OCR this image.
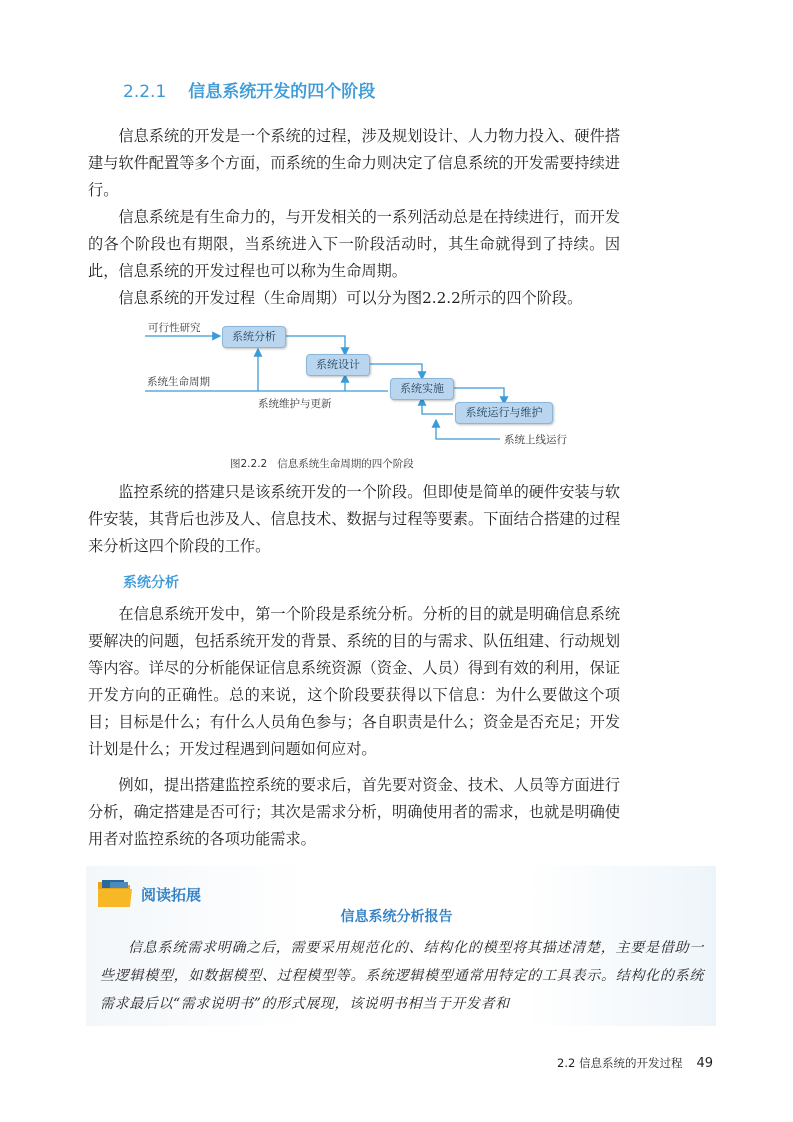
2.2.1 信息系统开发的四个阶段

信息系统的开发是一个系统的过程，涉及规划设计、人力物力投入、硬件搭建与软件配置等多个方面，而系统的生命力则决定了信息系统的开发需要持续进行。

信息系统是有生命力的，与开发相关的一系列活动总是在持续进行，而开发的各个阶段也有期限，当系统进入下一阶段活动时，其生命就得到了持续。因此，信息系统的开发过程也可以称为生命周期。

信息系统的开发过程（生命周期）可以分为图2.2.2所示的四个阶段。

系统分析
系统设计
系统实施
系统运行与维护
可行性研究
系统生命周期
系统维护与更新
系统上线运行
图2.2.2 信息系统生命周期的四个阶段

监控系统的搭建只是该系统开发的一个阶段。但即使是简单的硬件安装与软件安装，其背后也涉及人、信息技术、数据与过程等要素。下面结合搭建的过程来分析这四个阶段的工作。

系统分析

在信息系统开发中，第一个阶段是系统分析。分析的目的就是明确信息系统要解决的问题，包括系统开发的背景、系统的目的与需求、队伍组建、行动规划等内容。详尽的分析能保证信息系统资源（资金、人员）得到有效的利用，保证开发方向的正确性。总的来说，这个阶段要获得以下信息：为什么要做这个项目；目标是什么；有什么人员角色参与；各自职责是什么；资金是否充足；开发计划是什么；开发过程遇到问题如何应对。

例如，提出搭建监控系统的要求后，首先要对资金、技术、人员等方面进行分析，确定搭建是否可行；其次是需求分析，明确使用者的需求，也就是明确使用者对监控系统的各项功能需求。

阅读拓展
信息系统分析报告

信息系统需求明确之后，需要采用规范化的、结构化的模型将其描述清楚，主要是借助一些逻辑模型，如数据模型、过程模型等。系统逻辑模型通常用特定的工具表示。结构化的系统需求最后以“需求说明书”的形式展现，该说明书相当于开发者和

2.2 信息系统的开发过程 49
